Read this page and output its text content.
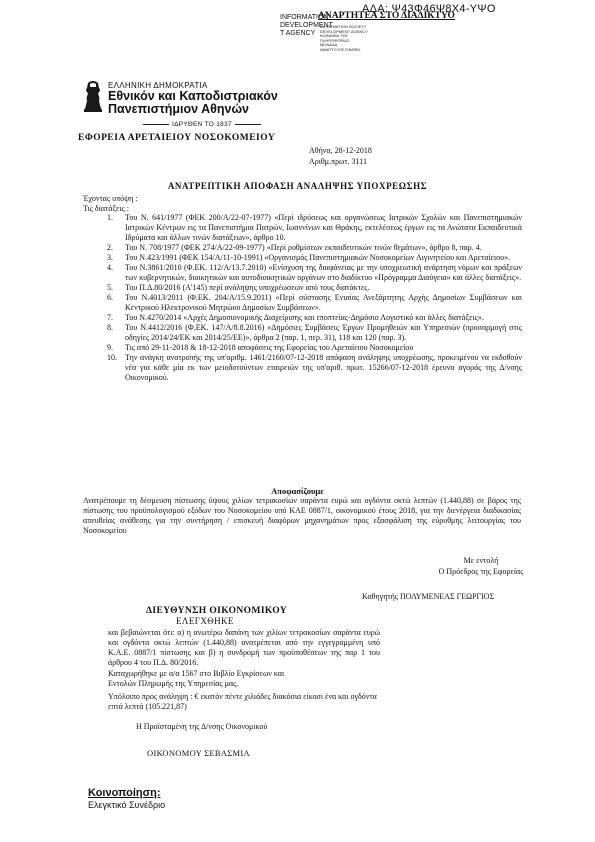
ΑΔΑ: Ψ43Φ46Ψ8Χ4-ΥΨΟ
INFORMATION
DEVELOPMENT
T AGENCY
ΑΝΑΡΤΗΤΕΑ ΣΤΟ ΔΙΑΔΙΚΤΥΟ
INFORMATION SOCIETY
DEVELOPMENT AGENCY
ΚΟΙΝΩΝΙΑ ΤΗΣ
ΠΛΗΡΟΦΟΡΙΑΣ
ΜΟΝΑΔΑ
ΑΝΑΠΤΥΞΗΣ ΕΦΑΡΜ.
ΕΛΛΗΝΙΚΗ ΔΗΜΟΚΡΑΤΙΑ
Εθνικόν και Καποδιστριακόν
Πανεπιστήμιον Αθηνών
ΙΔΡΥΘΕΝ ΤΟ 1837
ΕΦΟΡΕΙΑ ΑΡΕΤΑΙΕΙΟΥ ΝΟΣΟΚΟΜΕΙΟΥ
Αθήνα, 28-12-2018
Αριθμ.πρωτ. 3111
ΑΝΑΤΡΕΠΤΙΚΗ ΑΠΟΦΑΣΗ ΑΝΑΛΗΨΗΣ ΥΠΟΧΡΕΩΣΗΣ
Έχοντας υπόψη :
Τις διατάξεις :
1. Του Ν. 641/1977 (ΦΕΚ 200/Α/22-07-1977) «Περί ιδρύσεως και οργανώσεως Ιατρικών Σχολών και Πανεπιστημιακών Ιατρικών Κέντρων εις τα Πανεπιστήμια Πατρών, Ιωαννίνων και Θράκης, εκτελέσεως έργων εις τα Ανώτατα Εκπαιδευτικά Ιδρύματα και άλλων τινών διατάξεων», άρθρο 10.
2. Του Ν. 708/1977 (ΦΕΚ 274/Α/22-09-1977) «Περί ρυθμίσεων εκπαιδευτικών τινών θεμάτων», άρθρο 8, παρ. 4.
3. Του Ν.423/1991 (ΦΕΚ 154/Α/11-10-1991) «Οργανισμός Πανεπιστημιακών Νοσοκομείων Αιγινητείου και Αρεταίειου».
4. Του Ν.3861/2010 (Φ.ΕΚ. 112/Α/13.7.2010) «Ενίσχυση της διαφάνειας με την υποχρεωτική ανάρτηση νόμων και πράξεων των κυβερνητικών, διοικητικών και αυτοδιοικητικών οργάνων στο διαδίκτυο «Πρόγραμμα Διαύγεια» και άλλες διατάξεις».
5. Του Π.Δ.80/2016 (Α'145) περί ανάληψης υποχρέωσεων από τους διατάκτες.
6. Του Ν.4013/2011 (Φ.ΕΚ. 204/Α/15.9.2011) «Περί σύστασης Ενιαίας Ανεξάρτητης Αρχής Δημοσίων Συμβάσεων και Κεντρικού Ηλεκτρονικού Μητρώου Δημοσίων Συμβάσεων».
7. Του Ν.4270/2014 «Αρχές Δημοσιονομικής Διαχείρισης και εποπτείας-Δημόσιο Λογιστικό και άλλες διατάξεις».
8. Του Ν.4412/2016 (Φ.ΕΚ. 147/Α/8.8.2016) «Δημόσιες Συμβάσεις Έργων Προμηθειών και Υπηρεσιών (προσαρμογή στις οδηγίες 2014/24/ΕΚ και 2014/25/ΕΕ)», άρθρα 2 (παρ. 1, περ. 31), 118 και 120 (παρ. 3).
9. Τις από 29-11-2018 & 18-12-2018 αποφάσεις της Εφορείας του Αρεταίειου Νοσοκομείου
10. Την ανάγκη ανατροπής της υπ'αριθμ. 1461/2160/07-12-2018 απόφαση ανάληψης υποχρέωσης, προκειμένου να εκδοθούν νέα για κάθε μία εκ των μειοδοτούντων εταιρειών της υπ'αριθ. πρωτ. 15266/07-12-2018 έρευνα αγοράς της Δ/νσης Οικονομικού.
Αποφασίζουμε
Ανατρέπουμε τη δέσμευση πίστωσης ύψους χιλίων τετρακοσίων σαράντα ευρώ και ογδόντα οκτώ λεπτών (1.440,88) σε βάρος της πίστωσης του προϋπολογισμού εξόδων του Νοσοκομείου υπό ΚΑΕ 0887/1, οικονομικού έτους 2018, για την διενέργεια διαδικασίας απευθείας ανάθεσης για την συντήρηση / επισκευή διαφόρων μηχανημάτων προς εξασφάλιση της εύρυθμης λειτουργίας του Νοσοκομείου
Με εντολή
Ο Πρόεδρος της Εφορείας
Καθηγητής ΠΟΛΥΜΕΝΕΑΣ ΓΕΩΡΓΙΟΣ
ΔΙΕΥΘΥΝΣΗ ΟΙΚΟΝΟΜΙΚΟΥ
ΕΛΕΓΧΘΗΚΕ
και βεβαιώνεται ότι: α) η ανωτέρω δαπάνη των χιλίων τετρακοσίων σαράντα ευρώ και ογδόντα οκτώ λεπτών (1.440,88) ανατρέπεται από την εγγεγραμμένη υπό Κ.Α.Ε. 0887/1 πίστωσης και β) η συνδρομή των προϋποθέσεων της παρ 1 του άρθρου 4 του Π.Δ. 80/2016.
Καταχωρήθηκε με α/α 1567 στο Βιβλίο Εγκρίσεων και
Εντολών Πληρωμής της Υπηρεσίας μας.
Υπόλοιπο προς ανάληψη : € εκατόν πέντε χιλιάδες διακόσια είκοσι ένα και ογδόντα επτά λεπτά (105.221,87)
Η Προϊσταμένη της Δ/νσης Οικονομικού
ΟΙΚΟΝΟΜΟΥ ΣΕΒΑΣΜΙΑ
Κοινοποίηση:
Ελεγκτικό Συνέδριο
